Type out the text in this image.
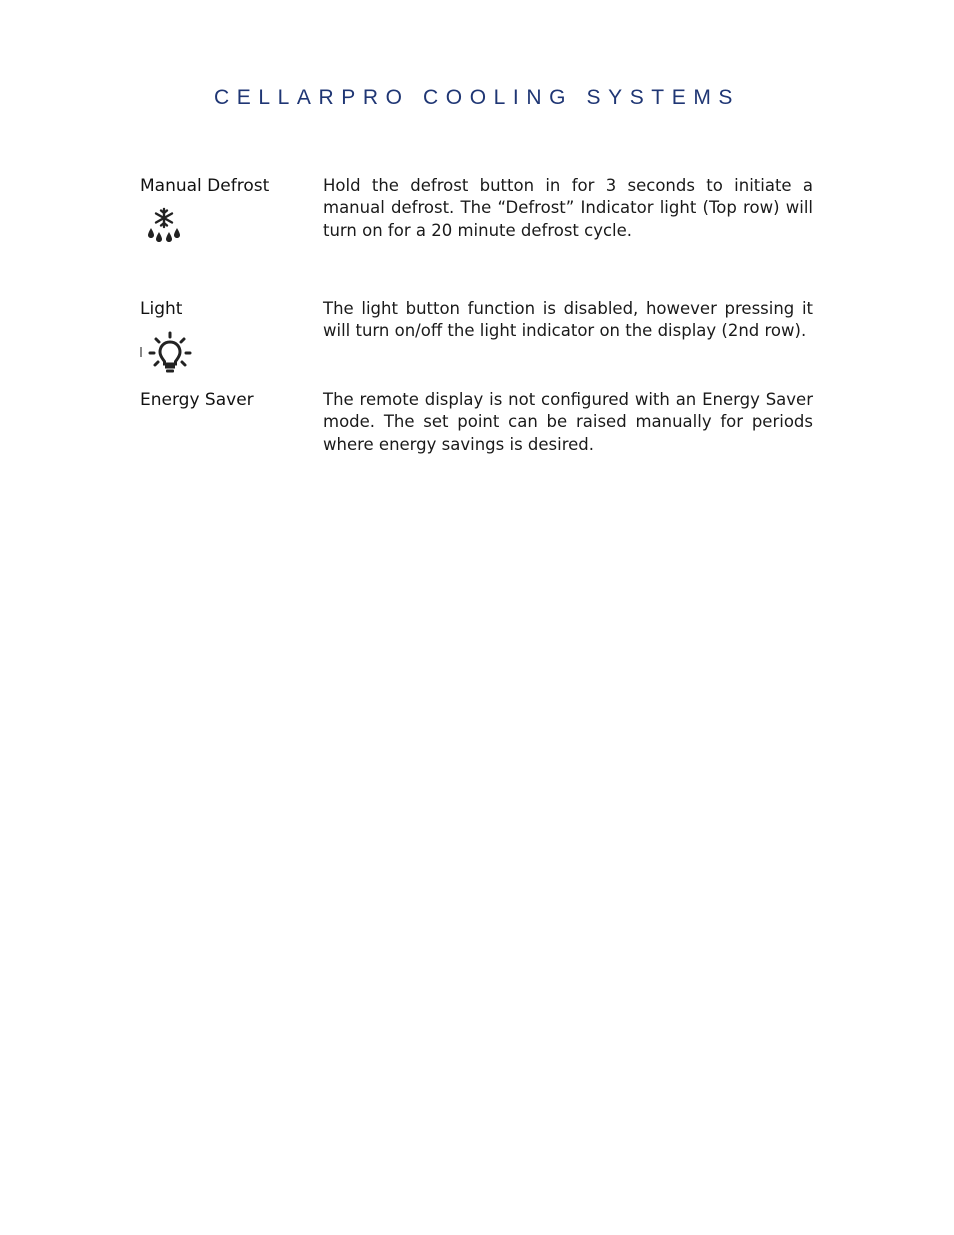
CELLARPRO COOLING SYSTEMS
Manual Defrost	Hold the defrost button in for 3 seconds to initiate a manual defrost. The “Defrost” Indicator light (Top row) will turn on for a 20 minute defrost cycle.
Light	The light button function is disabled, however pressing it will turn on/off the light indicator on the display (2nd row).
Energy Saver	The remote display is not configured with an Energy Saver mode. The set point can be raised manually for periods where energy savings is desired.
